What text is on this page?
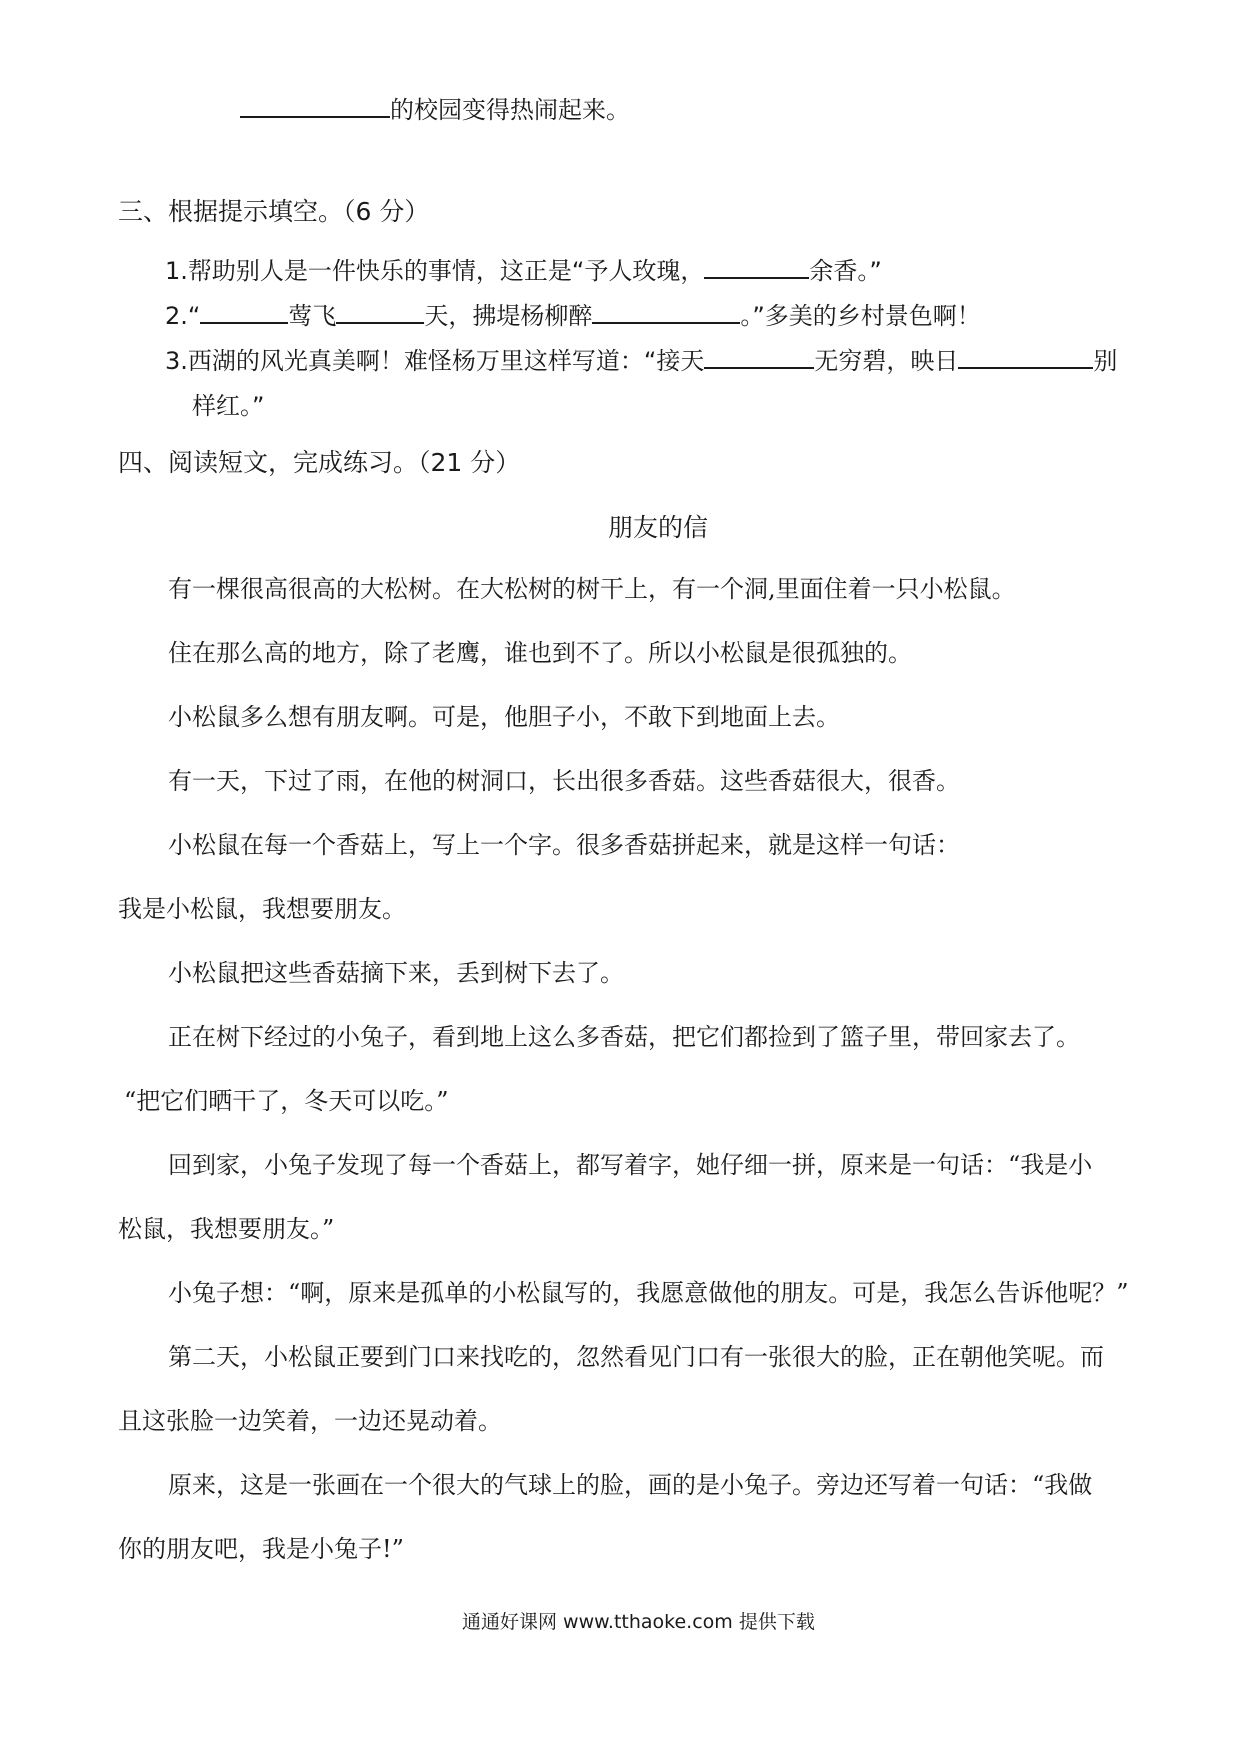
的校园变得热闹起来。
三、根据提示填空。（6 分）
1.帮助别人是一件快乐的事情，这正是“予人玫瑰，	余香。”
2.“	莺飞	天，拂堤杨柳醉	。”多美的乡村景色啊！
3.西湖的风光真美啊！难怪杨万里这样写道：“接天	无穷碧，映日	别
样红。”
四、阅读短文，完成练习。（21 分）
朋友的信
有一棵很高很高的大松树。在大松树的树干上，有一个洞,里面住着一只小松鼠。
住在那么高的地方，除了老鹰，谁也到不了。所以小松鼠是很孤独的。
小松鼠多么想有朋友啊。可是，他胆子小，不敢下到地面上去。
有一天，下过了雨，在他的树洞口，长出很多香菇。这些香菇很大，很香。
小松鼠在每一个香菇上，写上一个字。很多香菇拼起来，就是这样一句话：
我是小松鼠，我想要朋友。
小松鼠把这些香菇摘下来，丢到树下去了。
正在树下经过的小兔子，看到地上这么多香菇，把它们都捡到了篮子里，带回家去了。
“把它们晒干了，冬天可以吃。”
回到家，小兔子发现了每一个香菇上，都写着字，她仔细一拼，原来是一句话：“我是小
松鼠，我想要朋友。”
小兔子想：“啊，原来是孤单的小松鼠写的，我愿意做他的朋友。可是，我怎么告诉他呢？”
第二天，小松鼠正要到门口来找吃的，忽然看见门口有一张很大的脸，正在朝他笑呢。而
且这张脸一边笑着，一边还晃动着。
原来，这是一张画在一个很大的气球上的脸，画的是小兔子。旁边还写着一句话：“我做
你的朋友吧，我是小兔子!”
通通好课网 www.tthaoke.com 提供下载
